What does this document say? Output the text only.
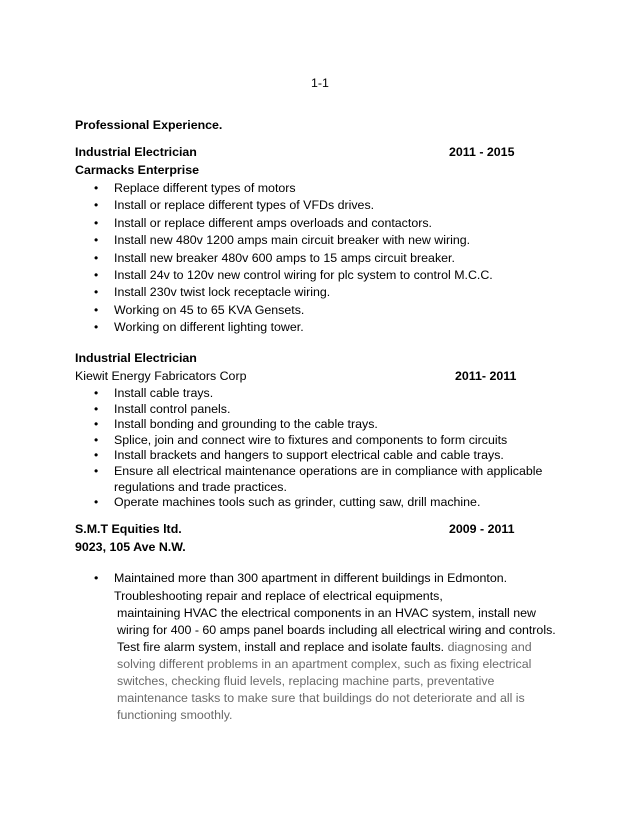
1-1
Professional Experience.
Industrial Electrician	2011 - 2015
Carmacks Enterprise
• Replace different types of motors
• Install or replace different types of VFDs drives.
• Install or replace different amps overloads and contactors.
• Install new 480v 1200 amps main circuit breaker with new wiring.
• Install new breaker 480v 600 amps to 15 amps circuit breaker.
• Install 24v to 120v new control wiring for plc system to control M.C.C.
• Install 230v twist lock receptacle wiring.
• Working on 45 to 65 KVA Gensets.
• Working on different lighting tower.
Industrial Electrician
Kiewit Energy Fabricators Corp	2011- 2011
• Install cable trays.
• Install control panels.
• Install bonding and grounding to the cable trays.
• Splice, join and connect wire to fixtures and components to form circuits
• Install brackets and hangers to support electrical cable and cable trays.
• Ensure all electrical maintenance operations are in compliance with applicable
regulations and trade practices.
• Operate machines tools such as grinder, cutting saw, drill machine.
S.M.T Equities ltd.	2009 - 2011
9023, 105 Ave N.W.
• Maintained more than 300 apartment in different buildings in Edmonton.
Troubleshooting repair and replace of electrical equipments,
maintaining HVAC the electrical components in an HVAC system, install new
wiring for 400 - 60 amps panel boards including all electrical wiring and controls.
Test fire alarm system, install and replace and isolate faults. diagnosing and
solving different problems in an apartment complex, such as fixing electrical
switches, checking fluid levels, replacing machine parts, preventative
maintenance tasks to make sure that buildings do not deteriorate and all is
functioning smoothly.
